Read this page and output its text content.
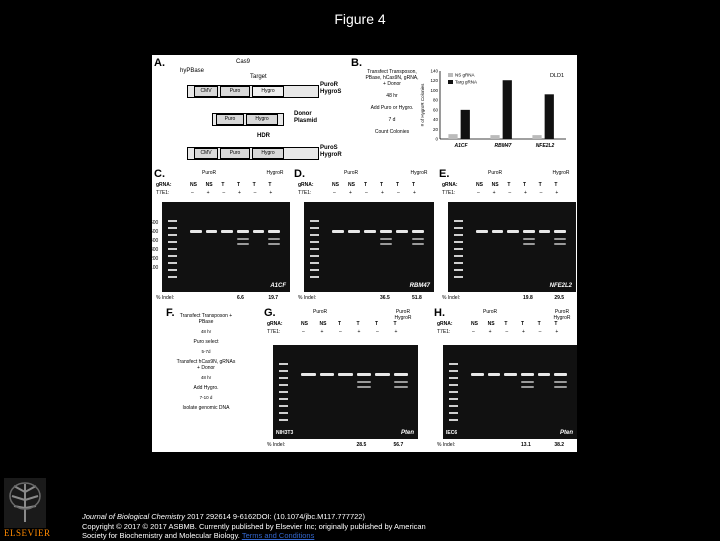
Figure 4
A.
hyPBase
Cas9
Target
CMV	Puro	Hygro
PuroR HygroS
Puro	Hygro
Donor Plasmid
HDR
CMV	Puro	Hygro
PuroS HygroR
B.
Transfect Transposon, PBase, hCas9N, gRNA, + Donor
48 hr
Add Puro or Hygro.
7 d
Count Colonies
140
120
100
80
60
40
20
0
# of HygroR Colonies
A1CF	RBM47	NFE2L2
NS gRNA
Targ gRNA
DLD1
F.	Transfect Transposon + PBase
48 hr
Puro select
5-7d
Transfect hCas9N, gRNAs + Donor
48 hr
Add Hygro.
7-10 d
Isolate genomic DNA
C.	PuroR	HygroR
gRNA:	NS NS T	T	T	T
T7E1:	–	+	–	+	–	+
A1CF
600
500
400
300
200
100
% Indel:	6.6	19.7
D.	PuroR	HygroR
gRNA:	NS NS T	T	T	T
T7E1:	–	+	–	+	–	+
RBM47
% Indel:	36.5	51.8
E.	PuroR	HygroR
gRNA:	NS NS T	T	T	T
T7E1:	–	+	–	+	–	+
NFE2L2
% Indel:	19.8	29.5
G.	PuroR	PuroR HygroR
gRNA:	NS NS T	T	T	T
T7E1:	–	+	–	+	–	+
Pten
NIH3T3
% Indel:	28.5	56.7
H.	PuroR	PuroR HygroR
gRNA:	NS NS T	T	T	T
T7E1:	–	+	–	+	–	+
Pten
IEC6
% Indel:	13.1	38.2
ELSEVIER
Journal of Biological Chemistry 2017 292614 9-6162DOI: (10.1074/jbc.M117.777722)
Copyright © 2017 © 2017 ASBMB. Currently published by Elsevier Inc; originally published by American
Society for Biochemistry and Molecular Biology. Terms and Conditions
